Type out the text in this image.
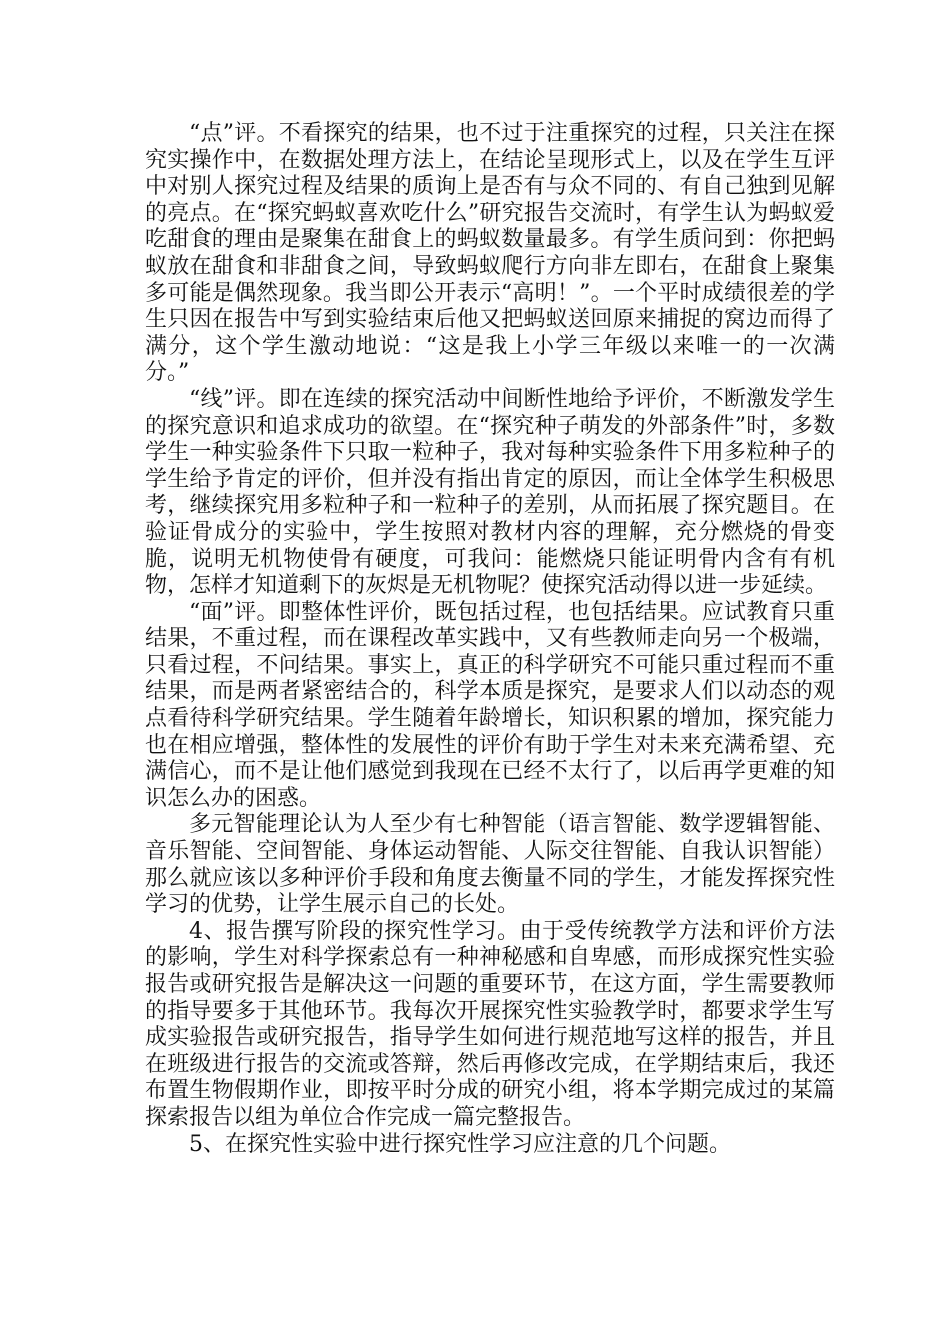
“点”评。不看探究的结果，也不过于注重探究的过程，只关注在探究实操作中，在数据处理方法上，在结论呈现形式上，以及在学生互评中对别人探究过程及结果的质询上是否有与众不同的、有自己独到见解的亮点。在“探究蚂蚁喜欢吃什么”研究报告交流时，有学生认为蚂蚁爱吃甜食的理由是聚集在甜食上的蚂蚁数量最多。有学生质问到：你把蚂蚁放在甜食和非甜食之间，导致蚂蚁爬行方向非左即右，在甜食上聚集多可能是偶然现象。我当即公开表示“高明！”。一个平时成绩很差的学生只因在报告中写到实验结束后他又把蚂蚁送回原来捕捉的窝边而得了满分，这个学生激动地说：“这是我上小学三年级以来唯一的一次满分。”

“线”评。即在连续的探究活动中间断性地给予评价，不断激发学生的探究意识和追求成功的欲望。在“探究种子萌发的外部条件”时，多数学生一种实验条件下只取一粒种子，我对每种实验条件下用多粒种子的学生给予肯定的评价，但并没有指出肯定的原因，而让全体学生积极思考，继续探究用多粒种子和一粒种子的差别，从而拓展了探究题目。在验证骨成分的实验中，学生按照对教材内容的理解，充分燃烧的骨变脆，说明无机物使骨有硬度，可我问：能燃烧只能证明骨内含有有机物，怎样才知道剩下的灰烬是无机物呢？使探究活动得以进一步延续。

“面”评。即整体性评价，既包括过程，也包括结果。应试教育只重结果，不重过程，而在课程改革实践中，又有些教师走向另一个极端，只看过程，不问结果。事实上，真正的科学研究不可能只重过程而不重结果，而是两者紧密结合的，科学本质是探究，是要求人们以动态的观点看待科学研究结果。学生随着年龄增长，知识积累的增加，探究能力也在相应增强，整体性的发展性的评价有助于学生对未来充满希望、充满信心，而不是让他们感觉到我现在已经不太行了，以后再学更难的知识怎么办的困惑。

多元智能理论认为人至少有七种智能（语言智能、数学逻辑智能、音乐智能、空间智能、身体运动智能、人际交往智能、自我认识智能）那么就应该以多种评价手段和角度去衡量不同的学生，才能发挥探究性学习的优势，让学生展示自己的长处。

4、报告撰写阶段的探究性学习。由于受传统教学方法和评价方法的影响，学生对科学探索总有一种神秘感和自卑感，而形成探究性实验报告或研究报告是解决这一问题的重要环节，在这方面，学生需要教师的指导要多于其他环节。我每次开展探究性实验教学时，都要求学生写成实验报告或研究报告，指导学生如何进行规范地写这样的报告，并且在班级进行报告的交流或答辩，然后再修改完成，在学期结束后，我还布置生物假期作业，即按平时分成的研究小组，将本学期完成过的某篇探索报告以组为单位合作完成一篇完整报告。

5、在探究性实验中进行探究性学习应注意的几个问题。
